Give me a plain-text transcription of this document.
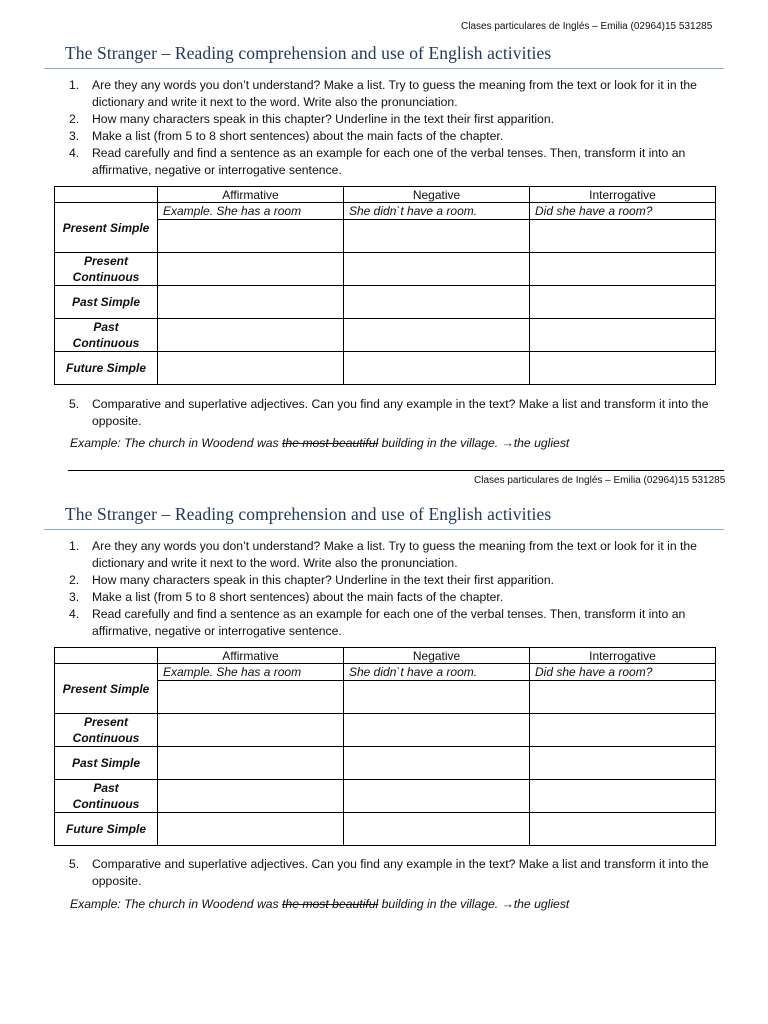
Clases particulares de Inglés – Emilia (02964)15 531285
The Stranger – Reading comprehension and use of English activities
1. Are they any words you don’t understand? Make a list. Try to guess the meaning from the text or look for it in the dictionary and write it next to the word. Write also the pronunciation.
2. How many characters speak in this chapter? Underline in the text their first apparition.
3. Make a list (from 5 to 8 short sentences) about the main facts of the chapter.
4. Read carefully and find a sentence as an example for each one of the verbal tenses. Then, transform it into an affirmative, negative or interrogative sentence.
	Affirmative	Negative	Interrogative
Present Simple	Example. She has a room	She didn`t have a room.	Did she have a room?

Present Continuous			
Past Simple			
Past Continuous			
Future Simple			
5. Comparative and superlative adjectives. Can you find any example in the text? Make a list and transform it into the opposite.
Example: The church in Woodend was the most beautiful building in the village. →the ugliest
Clases particulares de Inglés – Emilia (02964)15 531285
The Stranger – Reading comprehension and use of English activities
1. Are they any words you don’t understand? Make a list. Try to guess the meaning from the text or look for it in the dictionary and write it next to the word. Write also the pronunciation.
2. How many characters speak in this chapter? Underline in the text their first apparition.
3. Make a list (from 5 to 8 short sentences) about the main facts of the chapter.
4. Read carefully and find a sentence as an example for each one of the verbal tenses. Then, transform it into an affirmative, negative or interrogative sentence.
	Affirmative	Negative	Interrogative
Present Simple	Example. She has a room	She didn`t have a room.	Did she have a room?

Present Continuous			
Past Simple			
Past Continuous			
Future Simple			
5. Comparative and superlative adjectives. Can you find any example in the text? Make a list and transform it into the opposite.
Example: The church in Woodend was the most beautiful building in the village. →the ugliest
